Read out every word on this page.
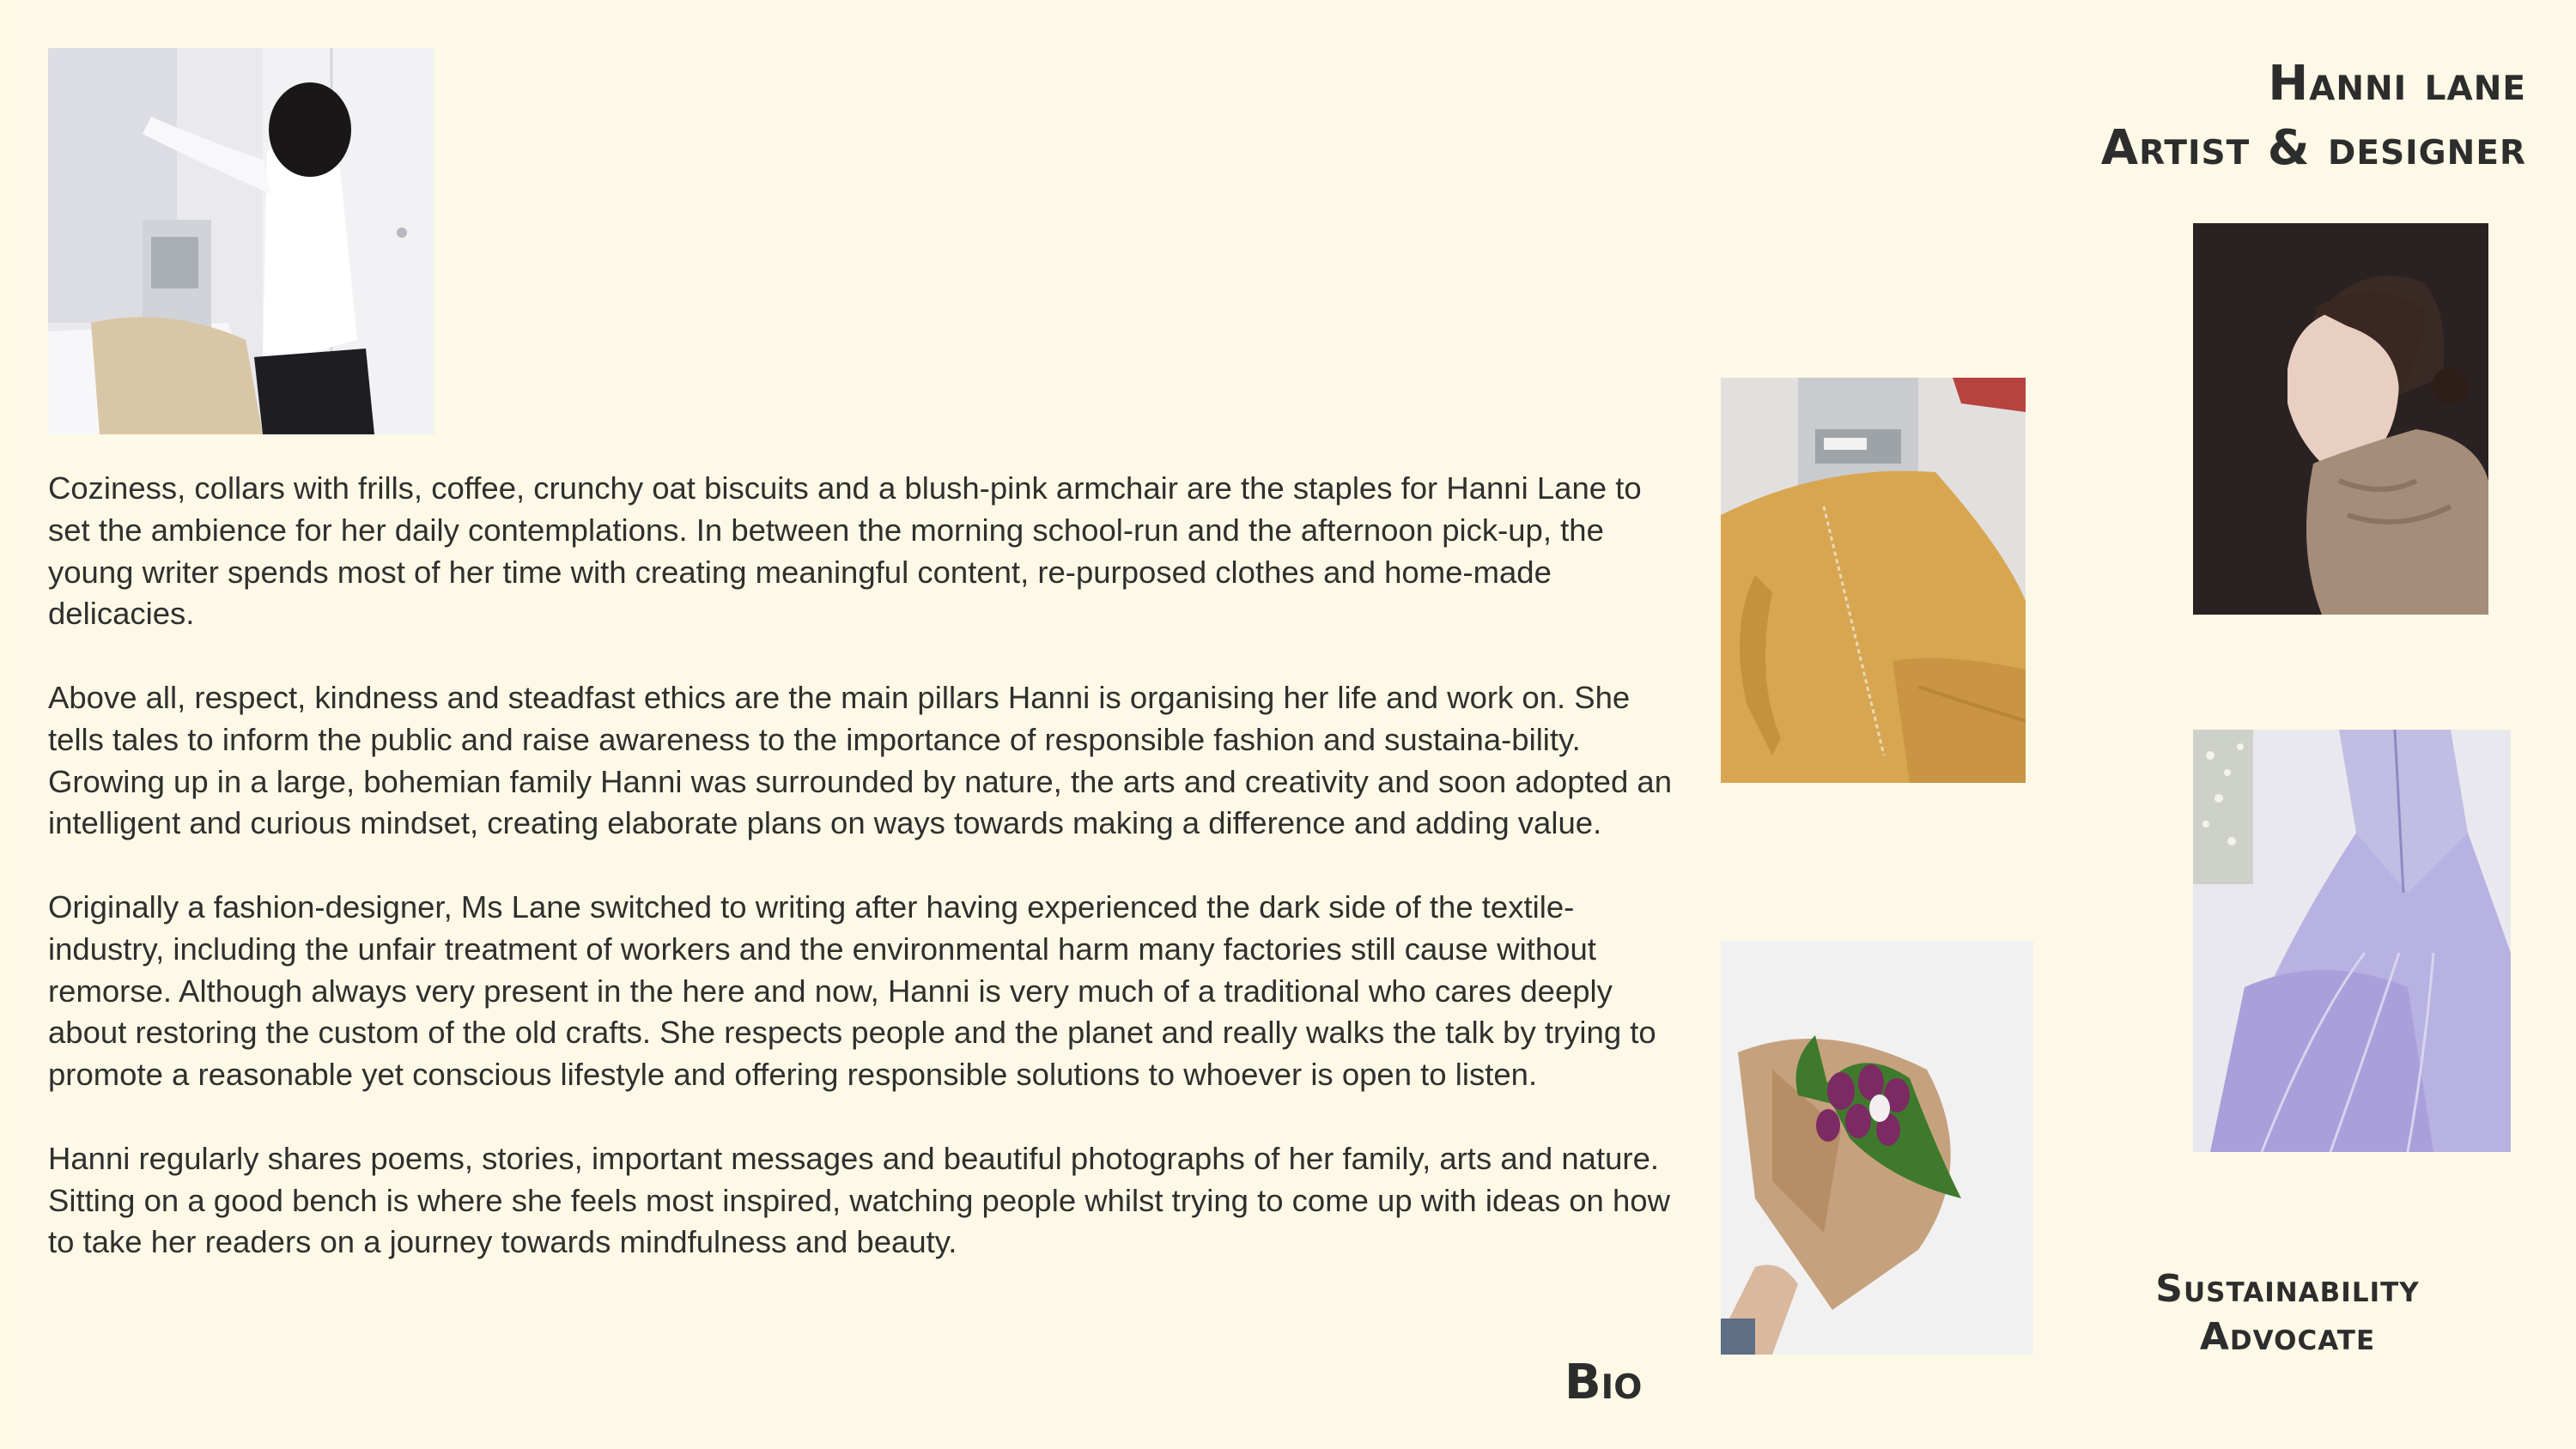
Hanni lane
Artist & designer

Coziness, collars with frills, coffee, crunchy oat biscuits and a blush-pink armchair are the staples for Hanni Lane to set the ambience for her daily contemplations. In between the morning school-run and the afternoon pick-up, the young writer spends most of her time with creating meaningful content, re-purposed clothes and home-made delicacies.

Above all, respect, kindness and steadfast ethics are the main pillars Hanni is organising her life and work on. She tells tales to inform the public and raise awareness to the importance of responsible fashion and sustaina-bility. Growing up in a large, bohemian family Hanni was surrounded by nature, the arts and creativity and soon adopted an intelligent and curious mindset, creating elaborate plans on ways towards making a difference and adding value.

Originally a fashion-designer, Ms Lane switched to writing after having experienced the dark side of the textile-industry, including the unfair treatment of workers and the environmental harm many factories still cause without remorse. Although always very present in the here and now, Hanni is very much of a traditional who cares deeply about restoring the custom of the old crafts. She respects people and the planet and really walks the talk by trying to promote a reasonable yet conscious lifestyle and offering responsible solutions to whoever is open to listen.

Hanni regularly shares poems, stories, important messages and beautiful photographs of her family, arts and nature. Sitting on a good bench is where she feels most inspired, watching people whilst trying to come up with ideas on how to take her readers on a journey towards mindfulness and beauty.

Sustainability
Advocate
Bio
